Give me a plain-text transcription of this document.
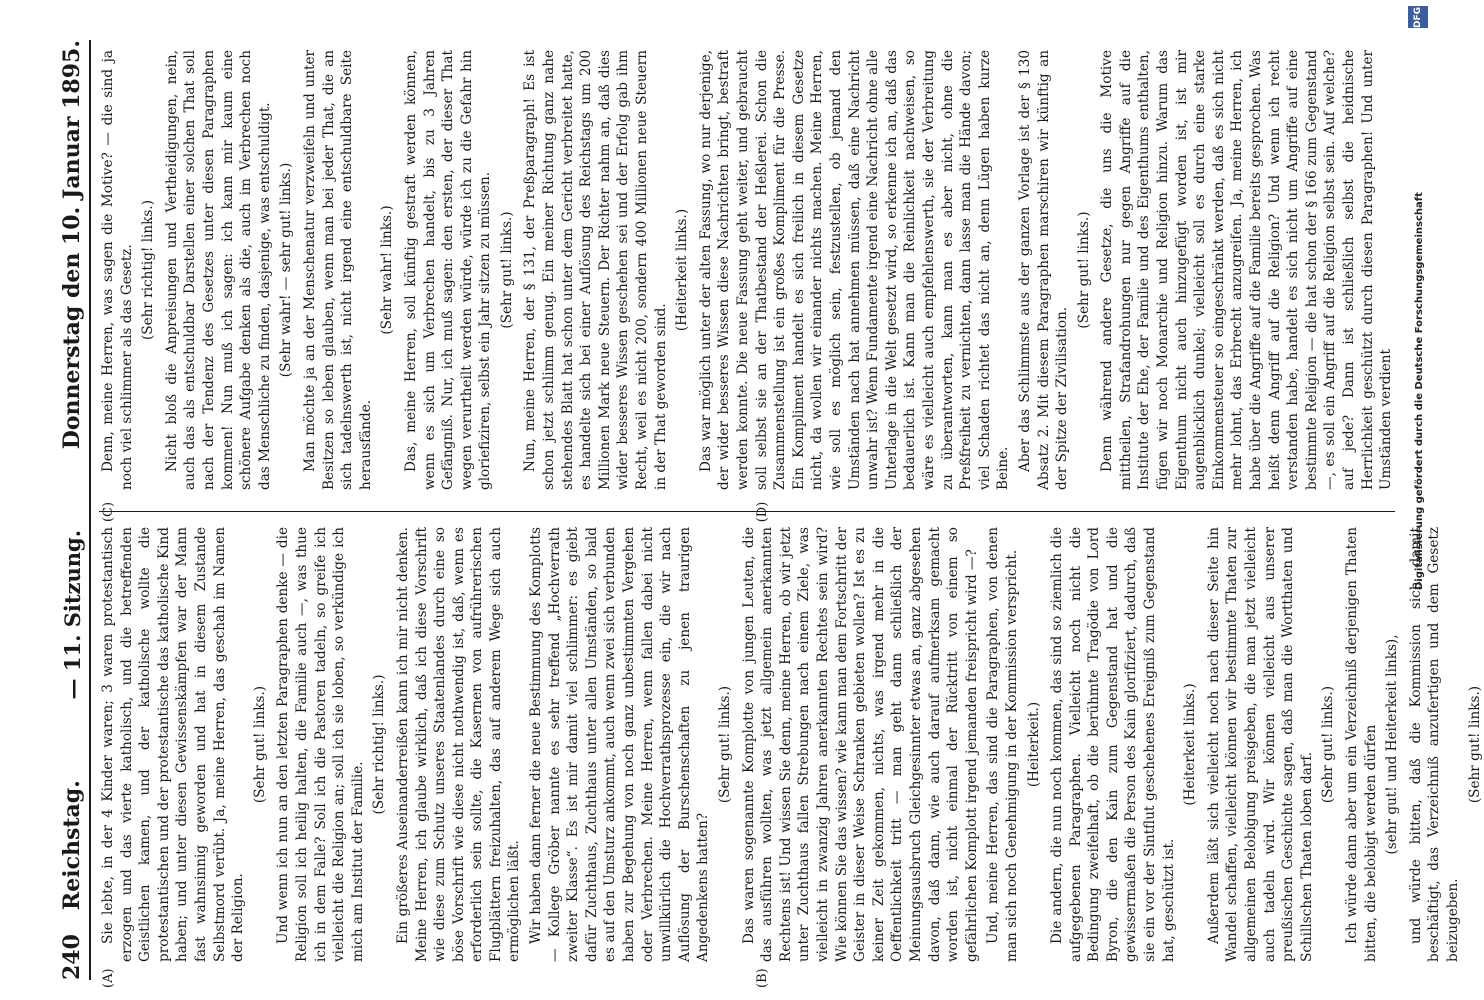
240
Reichstag.
— 11. Sitzung.
Donnerstag den 10. Januar 1895.
(A)	(B)
(C)	(D)

Sie lebte, in der 4 Kinder waren; 3 waren protestantisch erzogen und das vierte katholisch, und die betreffenden Geistlichen kamen, und der katholische wollte die protestantischen und der protestantische das katholische Kind haben; und unter diesen Gewissenskämpfen war der Mann fast wahnsinnig geworden und hat in diesem Zustande Selbstmord verübt. Ja, meine Herren, das geschah im Namen der Religion.

(Sehr gut! links.) Und wenn ich nun an den letzten Paragraphen denke — die Religion soll ich heilig halten, die Familie auch —, was thue ich in dem Falle? Soll ich die Pastoren tadeln, so greife ich vielleicht die Religion an; soll ich sie loben, so verkündige ich mich am Institut der Familie.

(Sehr richtig! links.) Ein größeres Auseinanderreißen kann ich mir nicht denken. Meine Herren, ich glaube wirklich, daß ich diese Vorschrift wie diese zum Schutz unseres Staatenlandes durch eine so böse Vorschrift wie diese nicht nothwendig ist, daß, wenn es erforderlich sein sollte, die Kasernen von aufrührerischen Flugblättern freizuhalten, das auf anderem Wege sich auch ermöglichen läßt. Wir haben dann ferner die neue Bestimmung des Komplotts — Kollege Gröber nannte es sehr treffend „Hochverrath zweiter Klasse“. Es ist mir damit viel schlimmer: es giebt dafür Zuchthaus, Zuchthaus unter allen Umständen, so bald es auf den Umsturz ankommt, auch wenn zwei sich verbunden haben zur Begehung von noch ganz unbestimmten Vergehen oder Verbrechen. Meine Herren, wenn fallen dabei nicht unwillkürlich die Hochverrathsprozesse ein, die wir nach Auflösung der Burschenschaften zu jenen traurigen Angedenkens hatten?

(Sehr gut! links.) Das waren sogenannte Komplotte von jungen Leuten, die das ausführen wollten, was jetzt allgemein anerkannten Rechtens ist! Und wissen Sie denn, meine Herren, ob wir jetzt unter Zuchthaus fallen Strebungen nach einem Ziele, was vielleicht in zwanzig Jahren anerkannten Rechtes sein wird? Wie können Sie das wissen? wie kann man dem Fortschritt der Geister in dieser Weise Schranken gebieten wollen? Ist es zu keiner Zeit gekommen, nichts, was irgend mehr in die Oeffentlichkeit tritt — man geht dann schließlich der Meinungsausbruch Gleichgesinnter etwas an, ganz abgesehen davon, daß dann, wie auch darauf aufmerksam gemacht worden ist, nicht einmal der Rücktritt von einem so gefährlichen Komplott irgend jemanden freispricht wird —? Und, meine Herren, das sind die Paragraphen, von denen man sich noch Genehmigung in der Kommission verspricht. (Heiterkeit.) Die andern, die nun noch kommen, das sind so ziemlich die aufgegebenen Paragraphen. Vielleicht noch nicht die Bedingung zweifelhaft, ob die berühmte Tragödie von Lord Byron, die den Kain zum Gegenstand hat und die gewissermaßen die Person des Kain glorifiziert, dadurch, daß sie ein vor der Sintflut geschehenes Ereigniß zum Gegenstand hat, geschützt ist.

(Heiterkeit links.) Außerdem läßt sich vielleicht noch nach dieser Seite hin Wandel schaffen, vielleicht können wir bestimmte Thaten zur allgemeinen Belobigung preisgeben, die man jetzt vielleicht auch tadeln wird. Wir können vielleicht aus unserer preußischen Geschichte sagen, daß man die Wortthaten und Schillschen Thaten loben darf.

(Sehr gut! links.) Ich würde dann aber um ein Verzeichniß derjenigen Thaten bitten, die belobigt werden dürfen (sehr gut! und Heiterkeit links), und würde bitten, daß die Kommission sich damit beschäftigt, das Verzeichniß anzufertigen und dem Gesetz beizugeben.

(Sehr gut! links.)

Denn, meine Herren, was sagen die Motive? — die sind ja noch viel schlimmer als das Gesetz. (Sehr richtig! links.) Nicht bloß die Anpreisungen und Vertheidigungen, nein, auch das als entschuldbar Darstellen einer solchen That soll nach der Tendenz des Gesetzes unter diesen Paragraphen kommen! Nun muß ich sagen: ich kann mir kaum eine schönere Aufgabe denken als die, auch im Verbrechen noch das Menschliche zu finden, dasjenige, was entschuldigt. (Sehr wahr! — sehr gut! links.) Man möchte ja an der Menschenatur verzweifeln und unter Besitzen so leben glauben, wenn man bei jeder That, die an sich tadelnswerth ist, nicht irgend eine entschuldbare Seite herausfände.

(Sehr wahr! links.) Das, meine Herren, soll künftig gestraft werden können, wenn es sich um Verbrechen handelt, bis zu 3 Jahren Gefängniß. Nur, ich muß sagen: den ersten, der dieser That wegen verurtheilt werden würde, würde ich zu die Gefahr hin gloriefiziren, selbst ein Jahr sitzen zu müssen. (Sehr gut! links.) Nun, meine Herren, der § 131, der Preßparagraph! Es ist schon jetzt schlimm genug. Ein meiner Richtung ganz nahe stehendes Blatt hat schon unter dem Gericht verbreitet hatte, es handelte sich bei einer Auflösung des Reichstags um 200 Millionen Mark neue Steuern. Der Richter nahm an, daß dies wider besseres Wissen geschehen sei und der Erfolg gab ihm Recht, weil es nicht 200, sondern 400 Millionen neue Steuern in der That geworden sind.

(Heiterkeit links.) Das war möglich unter der alten Fassung, wo nur derjenige, der wider besseres Wissen diese Nachrichten bringt, bestraft werden konnte. Die neue Fassung geht weiter, und gebraucht soll selbst sie an der Thatbestand der Heßlerei. Schon die Zusammenstellung ist ein großes Kompliment für die Presse. Ein Kompliment handelt es sich freilich in diesem Gesetze nicht, da wollen wir einander nichts machen. Meine Herren, wie soll es möglich sein, festzustellen, ob jemand den Umständen nach hat annehmen müssen, daß eine Nachricht unwahr ist? Wenn Fundamente irgend eine Nachricht ohne alle Unterlage in die Welt gesetzt wird, so erkenne ich an, daß das bedauerlich ist. Kann man die Reinlichkeit nachweisen, so wäre es vielleicht auch empfehlenswerth, sie der Verbreitung zu überantworten, kann man es aber nicht, ohne die Preßfreiheit zu vernichten, dann lasse man die Hände davon; viel Schaden richtet das nicht an, denn Lügen haben kurze Beine. Aber das Schlimmste aus der ganzen Vorlage ist der § 130 Absatz 2. Mit diesem Paragraphen marschiren wir künftig an der Spitze der Zivilisation.

(Sehr gut! links.) Denn während andere Gesetze, die uns die Motive mittheilen, Strafandrohungen nur gegen Angriffe auf die Institute der Ehe, der Familie und des Eigenthums enthalten, fügen wir noch Monarchie und Religion hinzu. Warum das Eigenthum nicht auch hinzugefügt worden ist, ist mir augenblicklich dunkel; vielleicht soll es durch eine starke Einkommensteuer so eingeschränkt werden, daß es sich nicht mehr lohnt, das Erbrecht anzugreifen. Ja, meine Herren, ich habe über die Angriffe auf die Familie bereits gesprochen. Was heißt denn Angriff auf die Religion? Und wenn ich recht verstanden habe, handelt es sich nicht um Angriffe auf eine bestimmte Religion — die hat schon der § 166 zum Gegenstand —, es soll ein Angriff auf die Religion selbst sein. Auf welche? auf jede? Dann ist schließlich selbst die heidnische Herrlichkeit geschützt durch diesen Paragraphen! Und unter Umständen verdient

DFG
Digitalisierung gefördert durch die Deutsche Forschungsgemeinschaft
